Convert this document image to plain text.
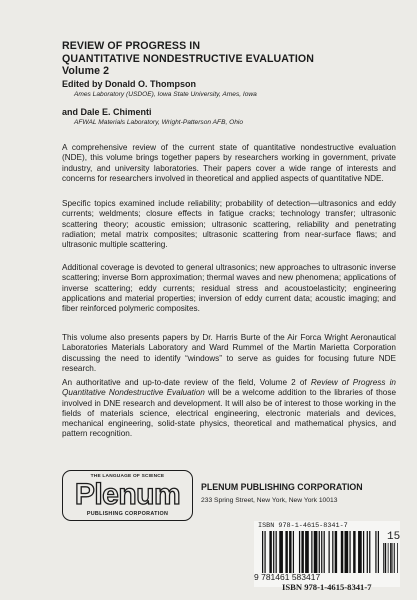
REVIEW OF PROGRESS IN
QUANTITATIVE NONDESTRUCTIVE EVALUATION
Volume 2
Edited by Donald O. Thompson
Ames Laboratory (USDOE), Iowa State University, Ames, Iowa
and Dale E. Chimenti
AFWAL Materials Laboratory, Wright-Patterson AFB, Ohio

A comprehensive review of the current state of quantitative nondestructive evaluation (NDE), this volume brings together papers by researchers working in government, private industry, and university laboratories. Their papers cover a wide range of interests and concerns for researchers involved in theoretical and applied aspects of quantitative NDE.

Specific topics examined include reliability; probability of detection—ultrasonics and eddy currents; weldments; closure effects in fatigue cracks; technology transfer; ultrasonic scattering theory; acoustic emission; ultrasonic scattering, reliability and penetrating radiation; metal matrix composites; ultrasonic scattering from near-surface flaws; and ultrasonic multiple scattering.

Additional coverage is devoted to general ultrasonics; new approaches to ultrasonic inverse scattering; inverse Born approximation; thermal waves and new phenomena; applications of inverse scattering; eddy currents; residual stress and acoustoelasticity; engineering applications and material properties; inversion of eddy current data; acoustic imaging; and fiber reinforced polymeric composites.

This volume also presents papers by Dr. Harris Burte of the Air Forca Wright Aeronautical Laboratories Materials Laboratory and Ward Rummel of the Martin Marietta Corporation discussing the need to identify “windows” to serve as guides for focusing future NDE research.

An authoritative and up-to-date review of the field, Volume 2 of Review of Progress in Quantitative Nondestructive Evaluation will be a welcome addition to the libraries of those involved in DNE research and development. It will also be of interest to those working in the fields of materials science, electrical engineering, electronic materials and devices, mechanical engineering, solid-state physics, theoretical and mathematical physics, and pattern recognition.

THE LANGUAGE OF SCIENCE
Plenum
PUBLISHING CORPORATION
PLENUM PUBLISHING CORPORATION
233 Spring Street, New York, New York 10013
ISBN 978-1-4615-8341-7
15
9 781461 583417
ISBN 978-1-4615-8341-7
